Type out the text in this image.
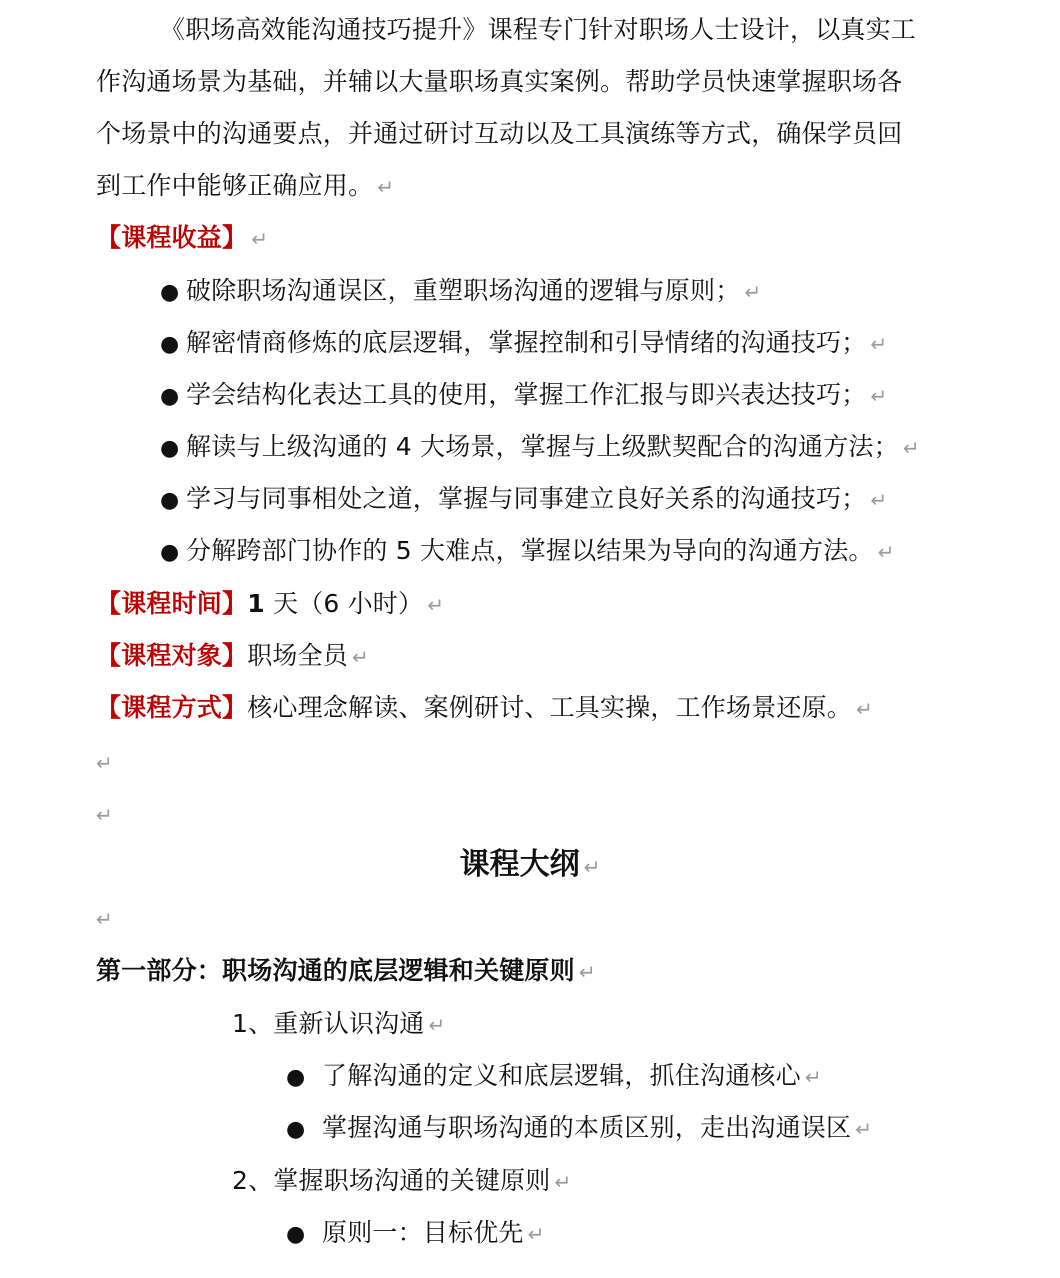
《职场高效能沟通技巧提升》课程专门针对职场人士设计，以真实工
作沟通场景为基础，并辅以大量职场真实案例。帮助学员快速掌握职场各
个场景中的沟通要点，并通过研讨互动以及工具演练等方式，确保学员回
到工作中能够正确应用。 ↵
【课程收益】 ↵
● 破除职场沟通误区，重塑职场沟通的逻辑与原则； ↵
● 解密情商修炼的底层逻辑，掌握控制和引导情绪的沟通技巧； ↵
● 学会结构化表达工具的使用，掌握工作汇报与即兴表达技巧； ↵
● 解读与上级沟通的 4 大场景，掌握与上级默契配合的沟通方法； ↵
● 学习与同事相处之道，掌握与同事建立良好关系的沟通技巧； ↵
● 分解跨部门协作的 5 大难点，掌握以结果为导向的沟通方法。 ↵
【课程时间】1 天（6 小时） ↵
【课程对象】职场全员 ↵
【课程方式】核心理念解读、案例研讨、工具实操，工作场景还原。 ↵
↵
↵
课程大纲 ↵
↵
第一部分：职场沟通的底层逻辑和关键原则 ↵
1、重新认识沟通 ↵
● 了解沟通的定义和底层逻辑，抓住沟通核心 ↵
● 掌握沟通与职场沟通的本质区别，走出沟通误区 ↵
2、掌握职场沟通的关键原则 ↵
● 原则一：目标优先 ↵
